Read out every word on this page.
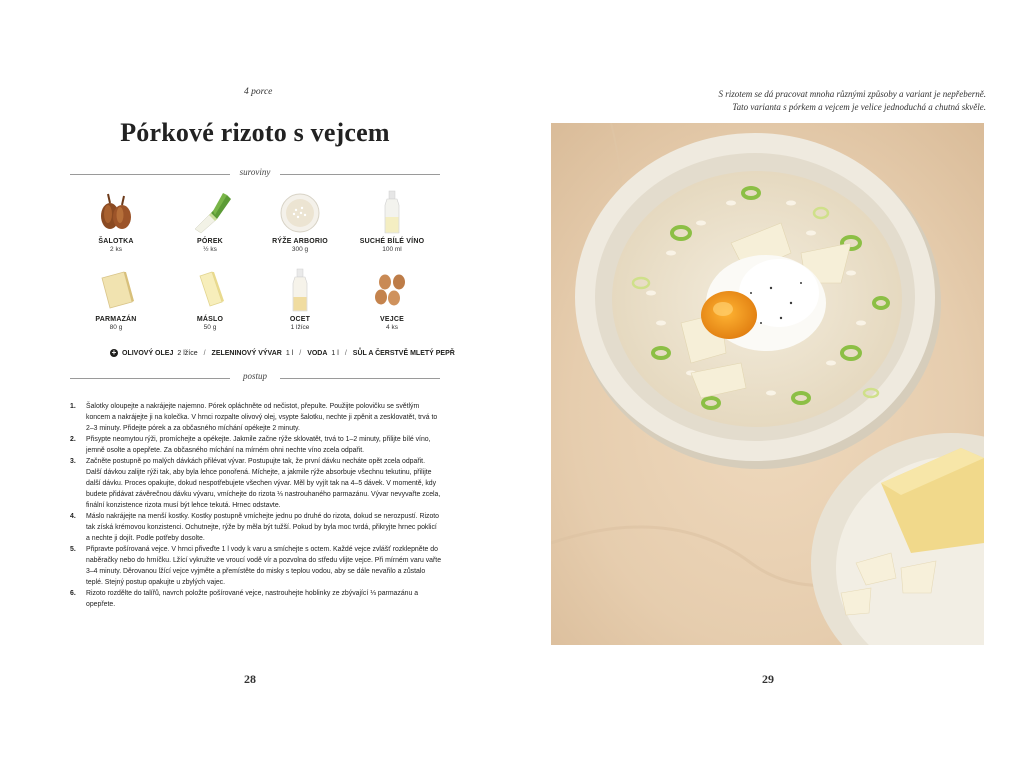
4 porce
Pórkové rizoto s vejcem
suroviny
ŠALOTKA
2 ks
PÓREK
½ ks
RÝŽE ARBORIO
300 g
SUCHÉ BÍLÉ VÍNO
100 ml
PARMAZÁN
80 g
MÁSLO
50 g
OCET
1 lžíce
VEJCE
4 ks
+ OLIVOVÝ OLEJ 2 lžíce / ZELENINOVÝ VÝVAR 1 l / VODA 1 l / SŮL A ČERSTVĚ MLETÝ PEPŘ
postup
1. Šalotky oloupejte a nakrájejte najemno. Pórek opláchněte od nečistot, přepulte. Použijte polovičku se světlým koncem a nakrájejte ji na kolečka. V hrnci rozpalte olivový olej, vsypte šalotku, nechte ji zpěnit a zesklovatět, trvá to 2–3 minuty. Přidejte pórek a za občasného míchání opékejte 2 minuty.
2. Přisypte neomytou rýži, promíchejte a opékejte. Jakmile začne rýže sklovatět, trvá to 1–2 minuty, přilijte bílé víno, jemně osolte a opepřete. Za občasného míchání na mírném ohni nechte víno zcela odpařit.
3. Začněte postupně po malých dávkách přilévat vývar. Postupujte tak, že první dávku necháte opět zcela odpařit. Další dávkou zalijte rýži tak, aby byla lehce ponořená. Míchejte, a jakmile rýže absorbuje všechnu tekutinu, přilijte další dávku. Proces opakujte, dokud nespotřebujete všechen vývar. Měl by vyjít tak na 4–5 dávek. V momentě, kdy budete přidávat závěrečnou dávku vývaru, vmíchejte do rizota ⅓ nastrouhaného parmazánu. Vývar nevyvařte zcela, finální konzistence rizota musí být lehce tekutá. Hrnec odstavte.
4. Máslo nakrájejte na menší kostky. Kostky postupně vmíchejte jednu po druhé do rizota, dokud se nerozpustí. Rizoto tak získá krémovou konzistenci. Ochutnejte, rýže by měla být tužší. Pokud by byla moc tvrdá, přikryjte hrnec poklicí a nechte ji dojít. Podle potřeby dosolte.
5. Připravte pošírovaná vejce. V hrnci přiveďte 1 l vody k varu a smíchejte s octem. Každé vejce zvlášť rozklepněte do naběračky nebo do hrníčku. Lžící vykružte ve vroucí vodě vír a pozvolna do středu vlijte vejce. Při mírném varu vařte 3–4 minuty. Děrovanou lžící vejce vyjměte a přemístěte do misky s teplou vodou, aby se dále nevařilo a zůstalo teplé. Stejný postup opakujte u zbylých vajec.
6. Rizoto rozdělte do talířů, navrch položte pošírované vejce, nastrouhejte hoblinky ze zbývající ⅓ parmazánu a opepřete.
28
S rizotem se dá pracovat mnoha různými způsoby a variant je nepřeberně.
Tato varianta s pórkem a vejcem je velice jednoduchá a chutná skvěle.
29
